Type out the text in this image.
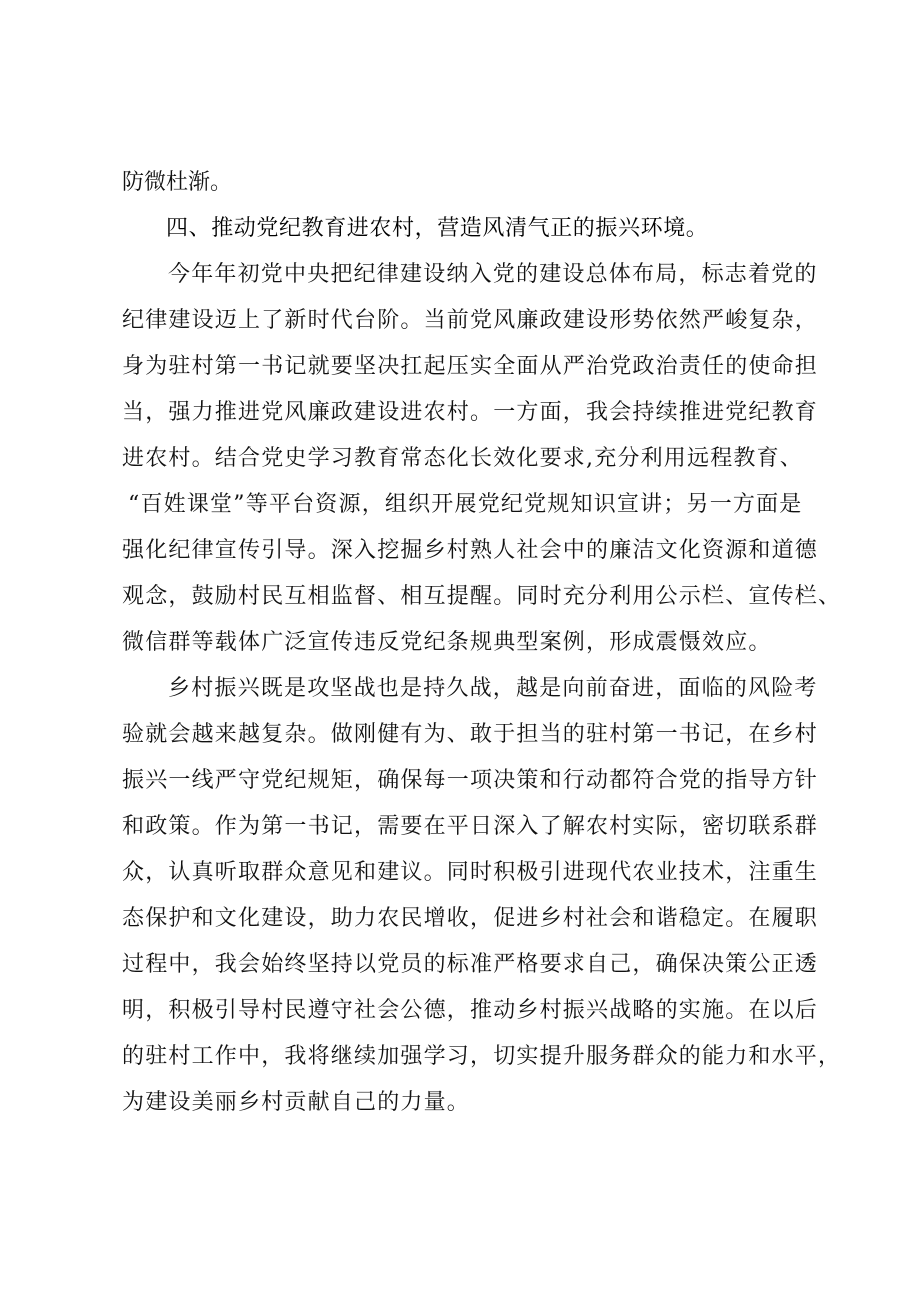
防微杜渐。
四、推动党纪教育进农村，营造风清气正的振兴环境。
今年年初党中央把纪律建设纳入党的建设总体布局，标志着党的
纪律建设迈上了新时代台阶。当前党风廉政建设形势依然严峻复杂，
身为驻村第一书记就要坚决扛起压实全面从严治党政治责任的使命担
当，强力推进党风廉政建设进农村。一方面，我会持续推进党纪教育
进农村。结合党史学习教育常态化长效化要求,充分利用远程教育、
“百姓课堂”等平台资源，组织开展党纪党规知识宣讲；另一方面是
强化纪律宣传引导。深入挖掘乡村熟人社会中的廉洁文化资源和道德
观念，鼓励村民互相监督、相互提醒。同时充分利用公示栏、宣传栏、
微信群等载体广泛宣传违反党纪条规典型案例，形成震慑效应。
乡村振兴既是攻坚战也是持久战，越是向前奋进，面临的风险考
验就会越来越复杂。做刚健有为、敢于担当的驻村第一书记，在乡村
振兴一线严守党纪规矩，确保每一项决策和行动都符合党的指导方针
和政策。作为第一书记，需要在平日深入了解农村实际，密切联系群
众，认真听取群众意见和建议。同时积极引进现代农业技术，注重生
态保护和文化建设，助力农民增收，促进乡村社会和谐稳定。在履职
过程中，我会始终坚持以党员的标准严格要求自己，确保决策公正透
明，积极引导村民遵守社会公德，推动乡村振兴战略的实施。在以后
的驻村工作中，我将继续加强学习，切实提升服务群众的能力和水平，
为建设美丽乡村贡献自己的力量。
